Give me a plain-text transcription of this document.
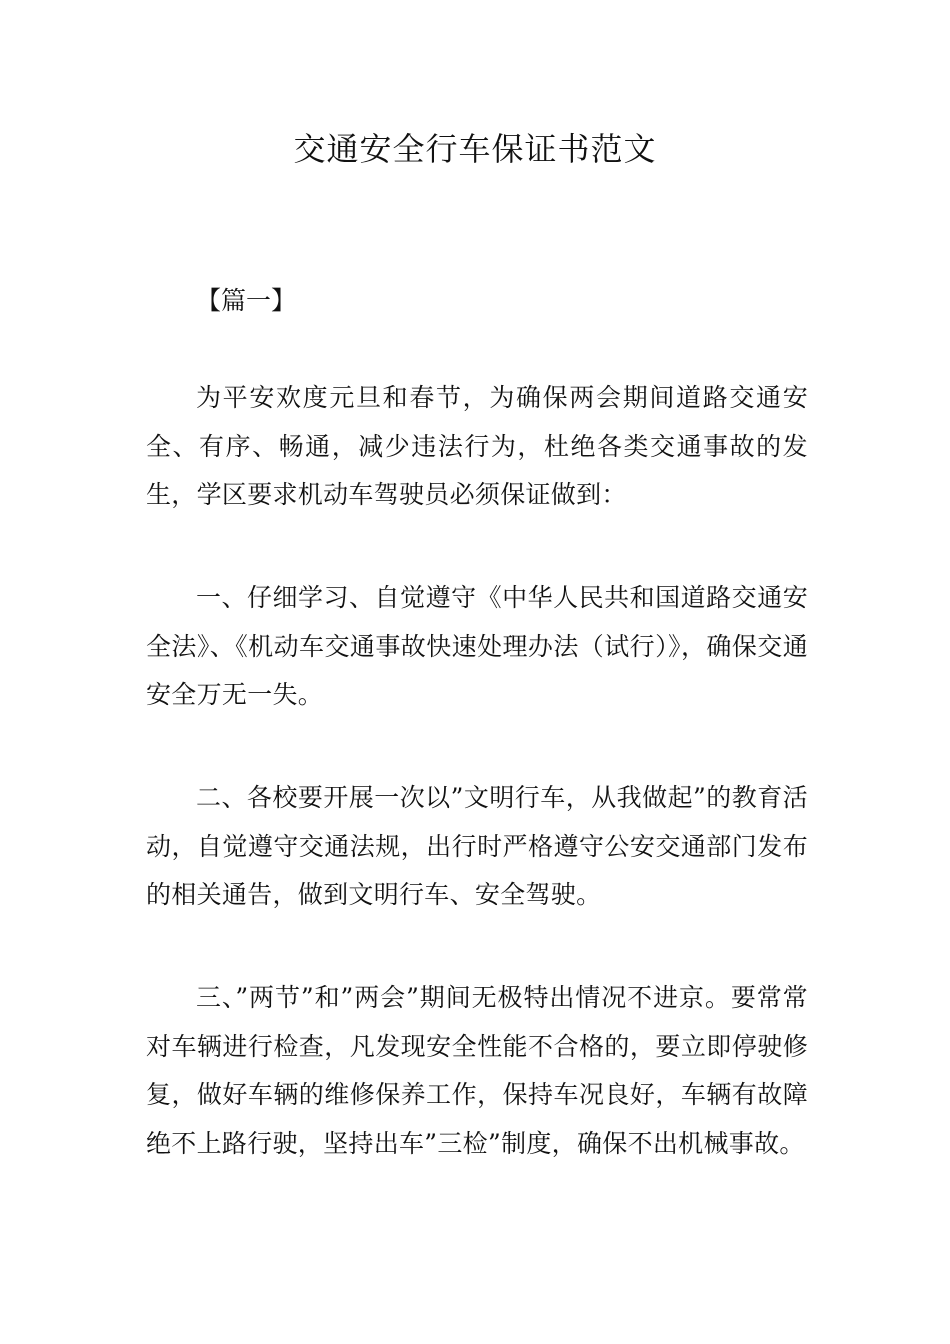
交通安全行车保证书范文

【篇一】

为平安欢度元旦和春节，为确保两会期间道路交通安全、有序、畅通，减少违法行为，杜绝各类交通事故的发生，学区要求机动车驾驶员必须保证做到：

一、仔细学习、自觉遵守《中华人民共和国道路交通安全法》、《机动车交通事故快速处理办法（试行）》，确保交通安全万无一失。

二、各校要开展一次以”文明行车，从我做起”的教育活动，自觉遵守交通法规，出行时严格遵守公安交通部门发布的相关通告，做到文明行车、安全驾驶。

三、”两节”和”两会”期间无极特出情况不进京。要常常对车辆进行检查，凡发现安全性能不合格的，要立即停驶修复，做好车辆的维修保养工作，保持车况良好，车辆有故障绝不上路行驶，坚持出车”三检”制度，确保不出机械事故。
